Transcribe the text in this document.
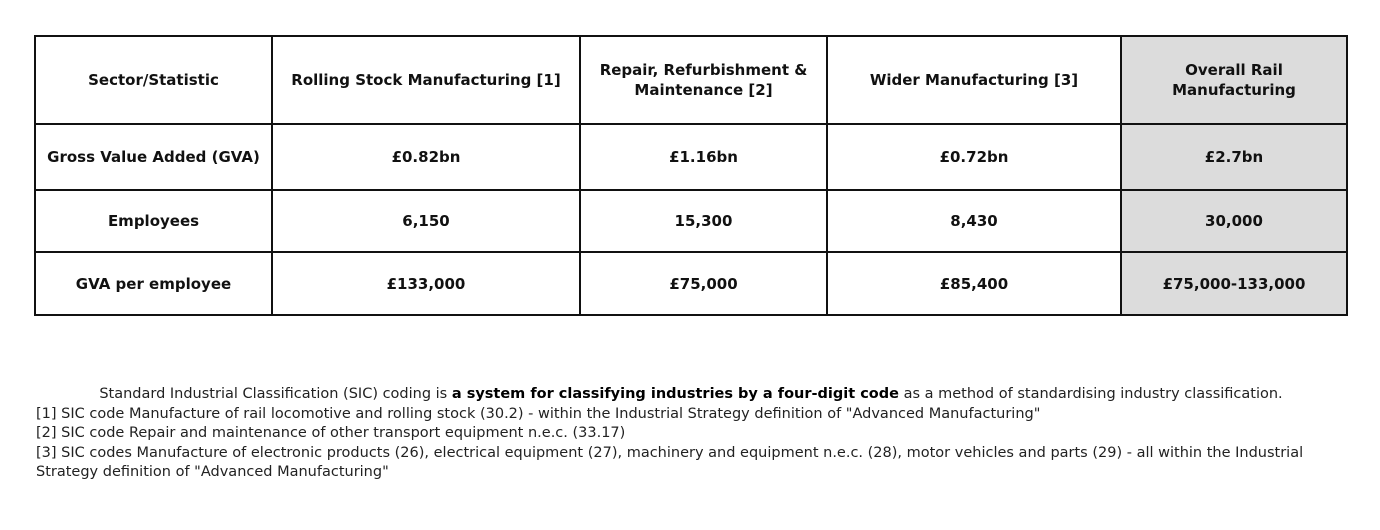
Sector/Statistic	Rolling Stock Manufacturing [1]	Repair, Refurbishment & Maintenance [2]	Wider Manufacturing [3]	Overall Rail Manufacturing
Gross Value Added (GVA)	£0.82bn	£1.16bn	£0.72bn	£2.7bn
Employees	6,150	15,300	8,430	30,000
GVA per employee	£133,000	£75,000	£85,400	£75,000-133,000

Standard Industrial Classification (SIC) coding is a system for classifying industries by a four-digit code as a method of standardising industry classification.

[1] SIC code Manufacture of rail locomotive and rolling stock (30.2) - within the Industrial Strategy definition of "Advanced Manufacturing"

[2] SIC code Repair and maintenance of other transport equipment n.e.c. (33.17)

[3] SIC codes Manufacture of electronic products (26), electrical equipment (27), machinery and equipment n.e.c. (28), motor vehicles and parts (29) - all within the Industrial Strategy definition of "Advanced Manufacturing"
